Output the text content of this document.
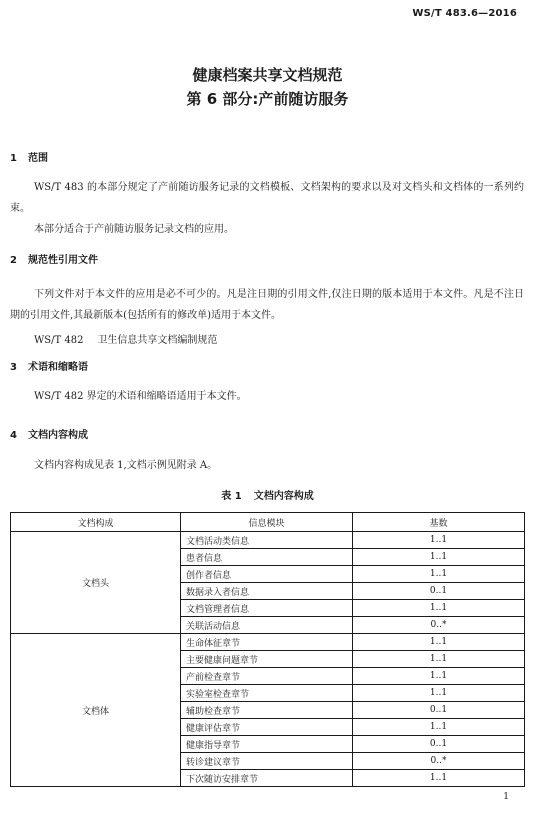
WS/T 483.6—2016
健康档案共享文档规范
第 6 部分:产前随访服务
1 范围

WS/T 483 的本部分规定了产前随访服务记录的文档模板、文档架构的要求以及对文档头和文档体的一系列约束。

本部分适合于产前随访服务记录文档的应用。

2 规范性引用文件

下列文件对于本文件的应用是必不可少的。凡是注日期的引用文件,仅注日期的版本适用于本文件。凡是不注日期的引用文件,其最新版本(包括所有的修改单)适用于本文件。

WS/T 482 卫生信息共享文档编制规范
3 术语和缩略语

WS/T 482 界定的术语和缩略语适用于本文件。

4 文档内容构成

文档内容构成见表 1,文档示例见附录 A。

表 1 文档内容构成
文档构成	信息模块	基数
文档头	文档活动类信息	1..1
	患者信息	1..1
	创作者信息	1..1
	数据录入者信息	0..1
	文档管理者信息	1..1
	关联活动信息	0..*
文档体	生命体征章节	1..1
	主要健康问题章节	1..1
	产前检查章节	1..1
	实验室检查章节	1..1
	辅助检查章节	0..1
	健康评估章节	1..1
	健康指导章节	0..1
	转诊建议章节	0..*
	下次随访安排章节	1..1
1
